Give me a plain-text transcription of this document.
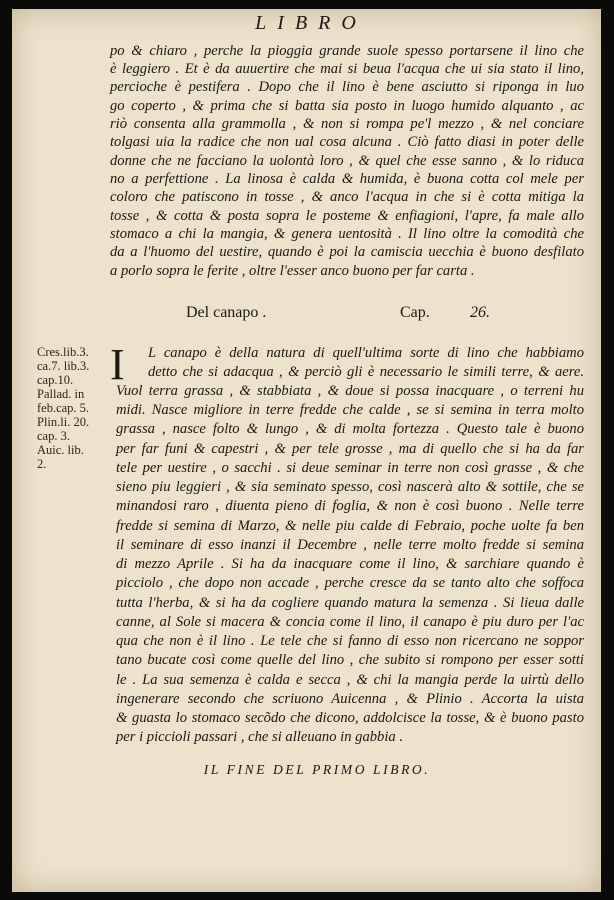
LIBRO
po & chiaro , perche la pioggia grande suole spesso portarsene il lino che
è leggiero . Et è da auuertire che mai si beua l'acqua che ui sia stato il lino,
percioche è pestifera . Dopo che il lino è bene asciutto si riponga in luo
go coperto , & prima che si batta sia posto in luogo humido alquanto , ac
riò consenta alla grammolla , & non si rompa pe'l mezzo , & nel conciare
tolgasi uia la radice che non ual cosa alcuna . Ciò fatto diasi in poter delle
donne che ne facciano la uolontà loro , & quel che esse sanno , & lo riduca
no a perfettione . La linosa è calda & humida, è buona cotta col mele per
coloro che patiscono in tosse , & anco l'acqua in che si è cotta mitiga la
tosse , & cotta & posta sopra le posteme & enfiagioni, l'apre, fa male allo
stomaco a chi la mangia, & genera uentosità . Il lino oltre la comodità che
da a l'huomo del uestire, quando è poi la camiscia uecchia è buono desfilato
a porlo sopra le ferite , oltre l'esser anco buono per far carta .
Del canapo .	Cap.	26.
Cres.lib.3.
ca.7. lib.3.
cap.10.
Pallad. in
feb.cap. 5.
Plin.li. 20.
cap. 3.
Auic. lib.
2.
I L canapo è della natura di quell'ultima sorte di lino che habbiamo
detto che si adacqua , & perciò gli è necessario le simili terre, & aere.
Vuol terra grassa , & stabbiata , & doue si possa inacquare , o terreni hu
midi. Nasce migliore in terre fredde che calde , se si semina in terra molto
grassa , nasce folto & lungo , & di molta fortezza . Questo tale è buono
per far funi & capestri , & per tele grosse , ma di quello che si ha da far
tele per uestire , o sacchi . si deue seminar in terre non così grasse , & che
sieno piu leggieri , & sia seminato spesso, così nascerà alto & sottile, che se
minandosi raro , diuenta pieno di foglia, & non è così buono . Nelle terre
fredde si semina di Marzo, & nelle piu calde di Febraio, poche uolte fa ben
il seminare di esso inanzi il Decembre , nelle terre molto fredde si semina
di mezzo Aprile . Si ha da inacquare come il lino, & sarchiare quando è
picciolo , che dopo non accade , perche cresce da se tanto alto che soffoca
tutta l'herba, & si ha da cogliere quando matura la semenza . Si lieua dalle
canne, al Sole si macera & concia come il lino, il canapo è piu duro per l'ac
qua che non è il lino . Le tele che si fanno di esso non ricercano ne soppor
tano bucate così come quelle del lino , che subito si rompono per esser sotti
le . La sua semenza è calda e secca , & chi la mangia perde la uirtù dello
ingenerare secondo che scriuono Auicenna , & Plinio . Accorta la uista
& guasta lo stomaco secõdo che dicono, addolcisce la tosse, & è buono pasto
per i piccioli passari , che si alleuano in gabbia .
IL FINE DEL PRIMO LIBRO.
